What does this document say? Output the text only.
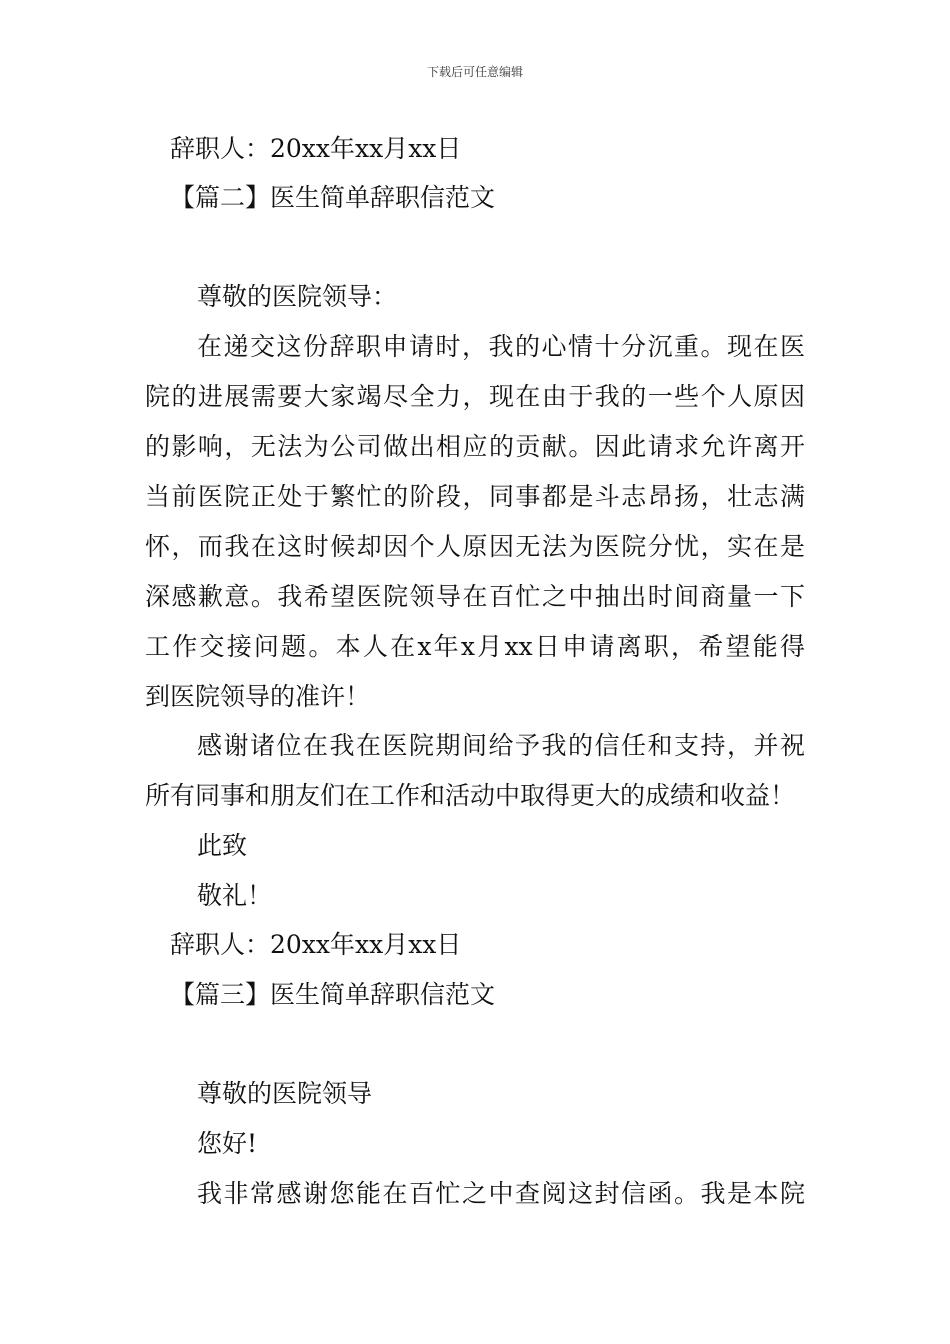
下载后可任意编辑
辞职人：20xx年xx月xx日
【篇二】医生简单辞职信范文
尊敬的医院领导：
在递交这份辞职申请时，我的心情十分沉重。现在医
院的进展需要大家竭尽全力，现在由于我的一些个人原因
的影响，无法为公司做出相应的贡献。因此请求允许离开
当前医院正处于繁忙的阶段，同事都是斗志昂扬，壮志满
怀，而我在这时候却因个人原因无法为医院分忧，实在是
深感歉意。我希望医院领导在百忙之中抽出时间商量一下
工作交接问题。本人在x年x月xx日申请离职，希望能得
到医院领导的准许！
感谢诸位在我在医院期间给予我的信任和支持，并祝
所有同事和朋友们在工作和活动中取得更大的成绩和收益！
此致
敬礼！
辞职人：20xx年xx月xx日
【篇三】医生简单辞职信范文
尊敬的医院领导
您好!
我非常感谢您能在百忙之中查阅这封信函。我是本院
